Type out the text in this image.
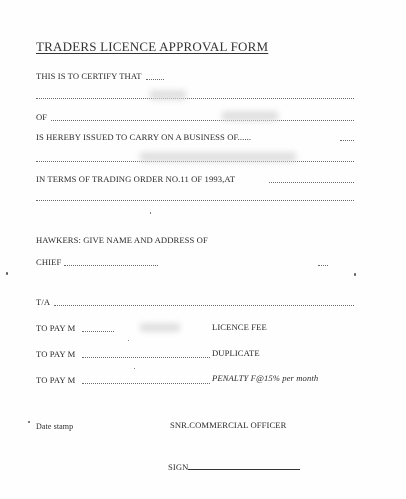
TRADERS LICENCE APPROVAL FORM
THIS IS TO CERTIFY THAT
OF
IS HEREBY ISSUED TO CARRY ON A BUSINESS OF......
IN TERMS OF TRADING ORDER NO.11 OF 1993,AT
HAWKERS: GIVE NAME AND ADDRESS OF
CHIEF
T/A
TO PAY M	LICENCE FEE
TO PAY M	DUPLICATE
TO PAY M	PENALTY F@15% per month
Date stamp	SNR.COMMERCIAL OFFICER
SIGN
